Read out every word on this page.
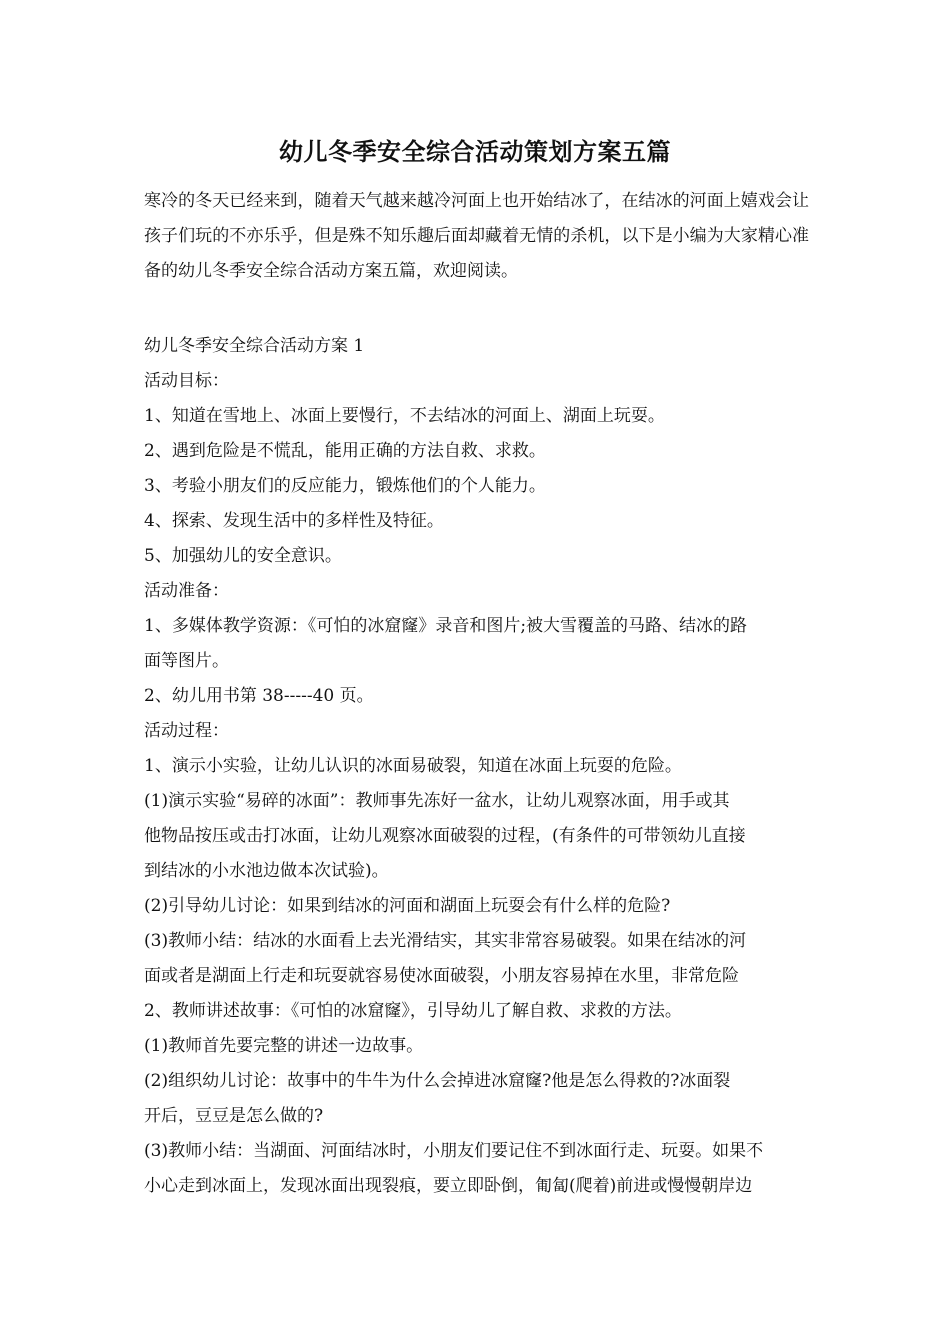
幼儿冬季安全综合活动策划方案五篇

寒冷的冬天已经来到，随着天气越来越冷河面上也开始结冰了，在结冰的河面上嬉戏会让孩子们玩的不亦乐乎，但是殊不知乐趣后面却藏着无情的杀机，以下是小编为大家精心准备的幼儿冬季安全综合活动方案五篇，欢迎阅读。

幼儿冬季安全综合活动方案 1
活动目标：
1、知道在雪地上、冰面上要慢行，不去结冰的河面上、湖面上玩耍。
2、遇到危险是不慌乱，能用正确的方法自救、求救。
3、考验小朋友们的反应能力，锻炼他们的个人能力。
4、探索、发现生活中的多样性及特征。
5、加强幼儿的安全意识。
活动准备：
1、多媒体教学资源：《可怕的冰窟窿》录音和图片;被大雪覆盖的马路、结冰的路
面等图片。
2、幼儿用书第 38-----40 页。
活动过程：
1、演示小实验，让幼儿认识的冰面易破裂，知道在冰面上玩耍的危险。
(1)演示实验“易碎的冰面”：教师事先冻好一盆水，让幼儿观察冰面，用手或其
他物品按压或击打冰面，让幼儿观察冰面破裂的过程，(有条件的可带领幼儿直接
到结冰的小水池边做本次试验)。
(2)引导幼儿讨论：如果到结冰的河面和湖面上玩耍会有什么样的危险?
(3)教师小结：结冰的水面看上去光滑结实，其实非常容易破裂。如果在结冰的河
面或者是湖面上行走和玩耍就容易使冰面破裂，小朋友容易掉在水里，非常危险
2、教师讲述故事：《可怕的冰窟窿》，引导幼儿了解自救、求救的方法。
(1)教师首先要完整的讲述一边故事。
(2)组织幼儿讨论：故事中的牛牛为什么会掉进冰窟窿?他是怎么得救的?冰面裂
开后，豆豆是怎么做的?
(3)教师小结：当湖面、河面结冰时，小朋友们要记住不到冰面行走、玩耍。如果不
小心走到冰面上，发现冰面出现裂痕，要立即卧倒，匍匐(爬着)前进或慢慢朝岸边
